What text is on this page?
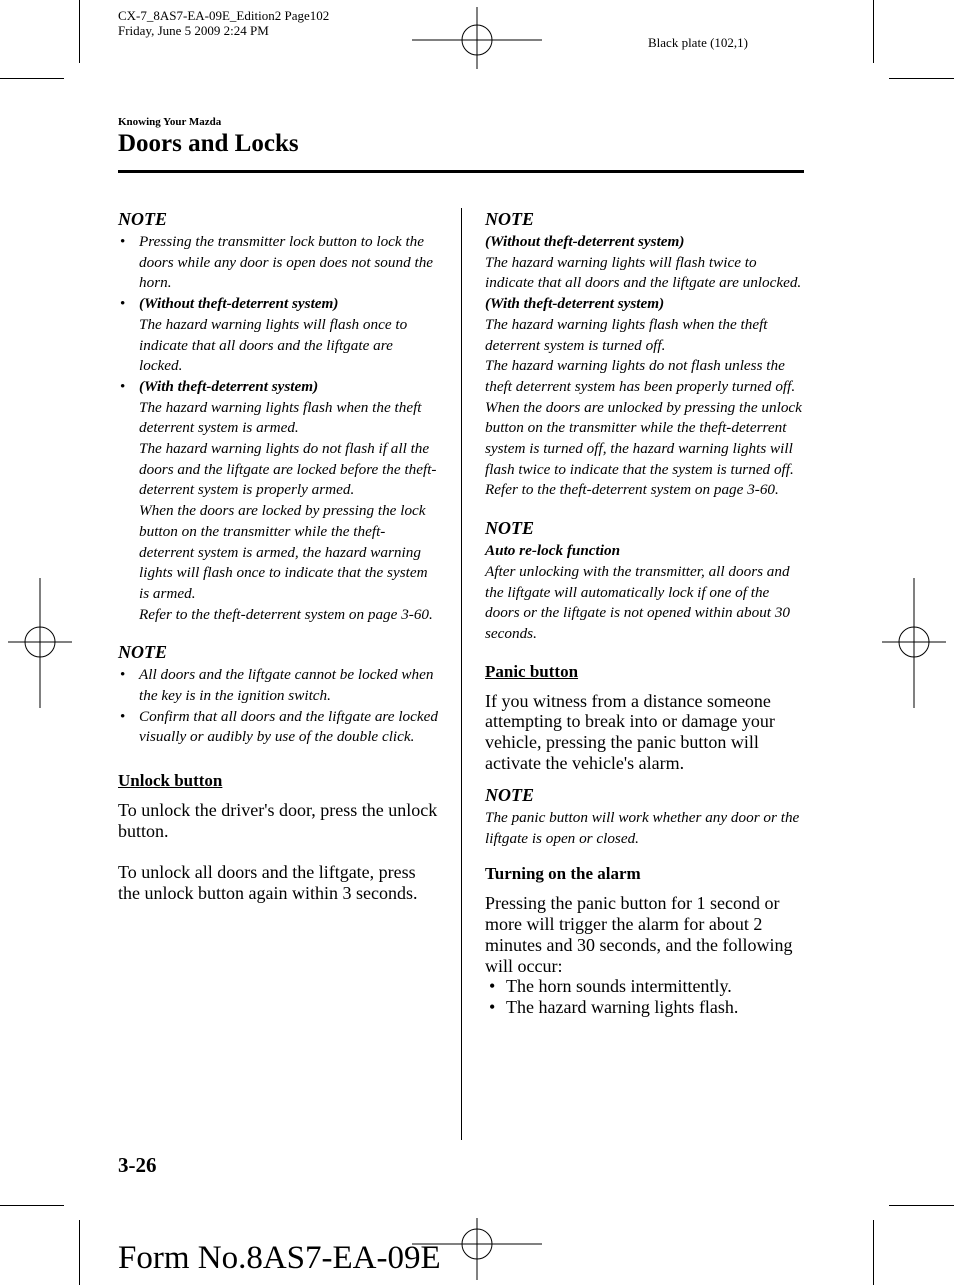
CX-7_8AS7-EA-09E_Edition2 Page102
Friday, June 5 2009 2:24 PM
Black plate (102,1)
Knowing Your Mazda
Doors and Locks
NOTE
• Pressing the transmitter lock button to lock the doors while any door is open does not sound the horn.
• (Without theft-deterrent system)
The hazard warning lights will flash once to indicate that all doors and the liftgate are locked.
• (With theft-deterrent system)
The hazard warning lights flash when the theft deterrent system is armed.
The hazard warning lights do not flash if all the doors and the liftgate are locked before the theft-deterrent system is properly armed.
When the doors are locked by pressing the lock button on the transmitter while the theft-deterrent system is armed, the hazard warning lights will flash once to indicate that the system is armed.
Refer to the theft-deterrent system on page 3-60.
NOTE
• All doors and the liftgate cannot be locked when the key is in the ignition switch.
• Confirm that all doors and the liftgate are locked visually or audibly by use of the double click.
Unlock button
To unlock the driver's door, press the unlock button.
To unlock all doors and the liftgate, press the unlock button again within 3 seconds.
NOTE
(Without theft-deterrent system)
The hazard warning lights will flash twice to indicate that all doors and the liftgate are unlocked.
(With theft-deterrent system)
The hazard warning lights flash when the theft deterrent system is turned off.
The hazard warning lights do not flash unless the theft deterrent system has been properly turned off.
When the doors are unlocked by pressing the unlock button on the transmitter while the theft-deterrent system is turned off, the hazard warning lights will flash twice to indicate that the system is turned off.
Refer to the theft-deterrent system on page 3-60.
NOTE
Auto re-lock function
After unlocking with the transmitter, all doors and the liftgate will automatically lock if one of the doors or the liftgate is not opened within about 30 seconds.
Panic button
If you witness from a distance someone attempting to break into or damage your vehicle, pressing the panic button will activate the vehicle's alarm.
NOTE
The panic button will work whether any door or the liftgate is open or closed.
Turning on the alarm
Pressing the panic button for 1 second or more will trigger the alarm for about 2 minutes and 30 seconds, and the following will occur:
• The horn sounds intermittently.
• The hazard warning lights flash.
3-26
Form No.8AS7-EA-09E
